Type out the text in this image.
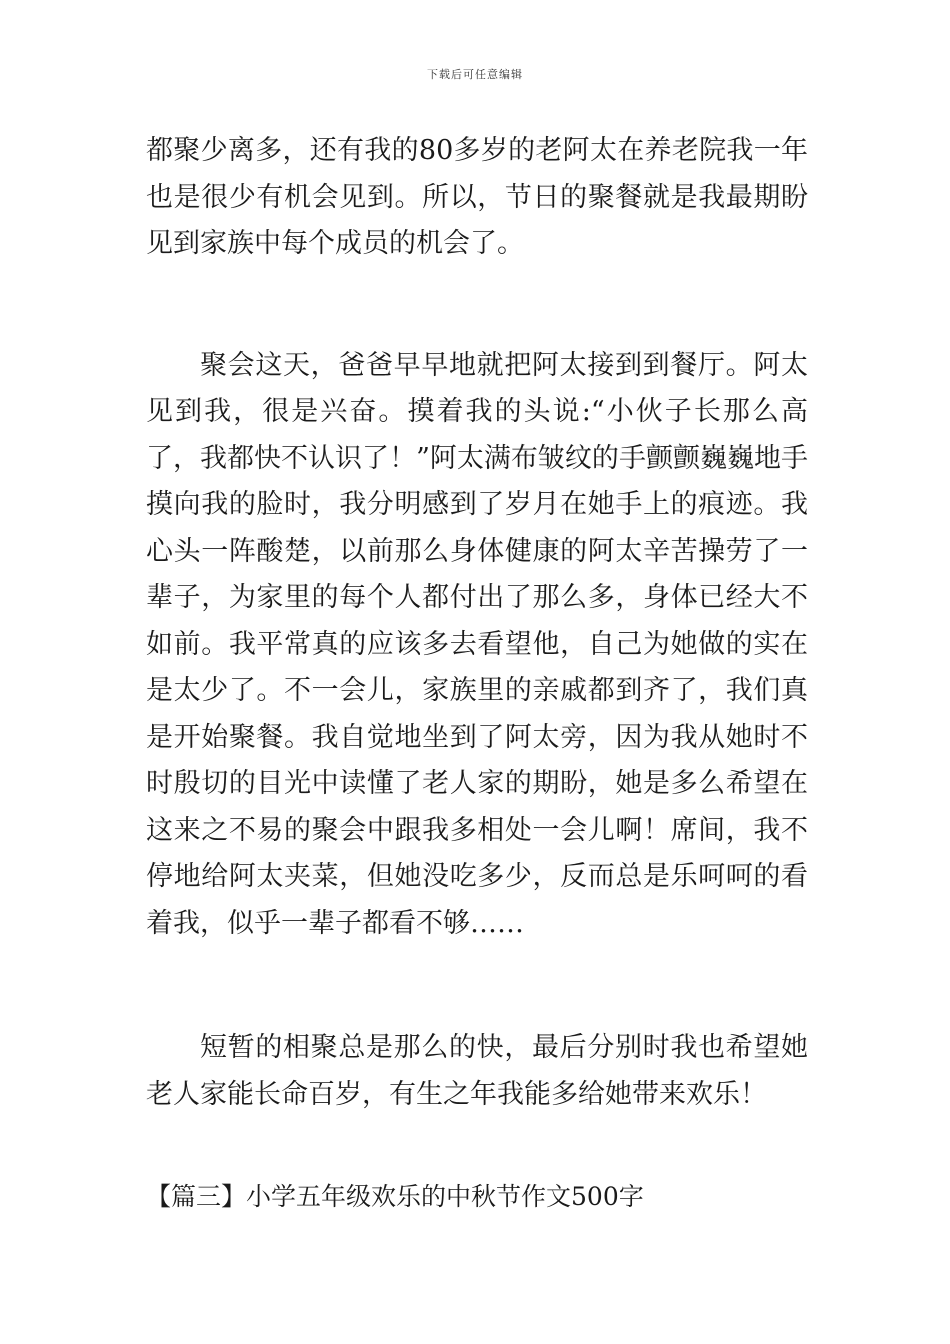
下载后可任意编辑

都聚少离多，还有我的80多岁的老阿太在养老院我一年也是很少有机会见到。所以，节日的聚餐就是我最期盼见到家族中每个成员的机会了。

聚会这天，爸爸早早地就把阿太接到到餐厅。阿太见到我，很是兴奋。摸着我的头说:“小伙子长那么高了，我都快不认识了！”阿太满布皱纹的手颤颤巍巍地手摸向我的脸时，我分明感到了岁月在她手上的痕迹。我心头一阵酸楚，以前那么身体健康的阿太辛苦操劳了一辈子，为家里的每个人都付出了那么多，身体已经大不如前。我平常真的应该多去看望他，自己为她做的实在是太少了。不一会儿，家族里的亲戚都到齐了，我们真是开始聚餐。我自觉地坐到了阿太旁，因为我从她时不时殷切的目光中读懂了老人家的期盼，她是多么希望在这来之不易的聚会中跟我多相处一会儿啊！席间，我不停地给阿太夹菜，但她没吃多少，反而总是乐呵呵的看着我，似乎一辈子都看不够……

短暂的相聚总是那么的快，最后分别时我也希望她老人家能长命百岁，有生之年我能多给她带来欢乐！

【篇三】小学五年级欢乐的中秋节作文500字
